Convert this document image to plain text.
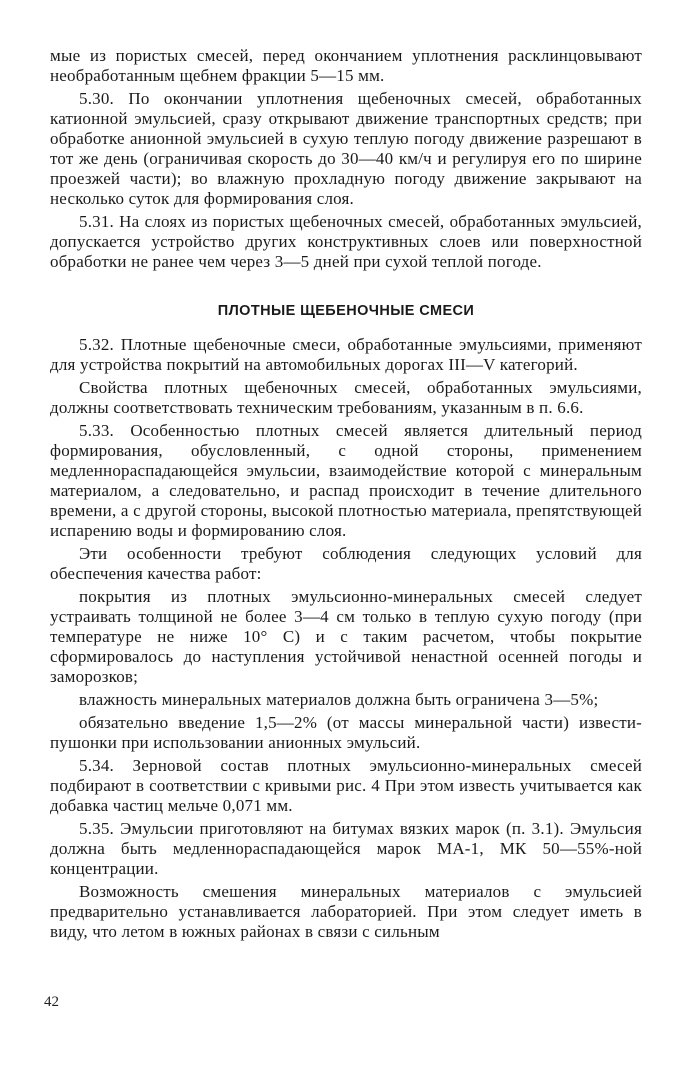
мые из пористых смесей, перед окончанием уплотнения расклинцовывают необработанным щебнем фракции 5—15 мм.

5.30. По окончании уплотнения щебеночных смесей, обработанных катионной эмульсией, сразу открывают движение транспортных средств; при обработке анионной эмульсией в сухую теплую погоду движение разрешают в тот же день (ограничивая скорость до 30—40 км/ч и регулируя его по ширине проезжей части); во влажную прохладную погоду движение закрывают на несколько суток для формирования слоя.

5.31. На слоях из пористых щебеночных смесей, обработанных эмульсией, допускается устройство других конструктивных слоев или поверхностной обработки не ранее чем через 3—5 дней при сухой теплой погоде.

ПЛОТНЫЕ ЩЕБЕНОЧНЫЕ СМЕСИ

5.32. Плотные щебеночные смеси, обработанные эмульсиями, применяют для устройства покрытий на автомобильных дорогах III—V категорий.

Свойства плотных щебеночных смесей, обработанных эмульсиями, должны соответствовать техническим требованиям, указанным в п. 6.6.

5.33. Особенностью плотных смесей является длительный период формирования, обусловленный, с одной стороны, применением медленнораспадающейся эмульсии, взаимодействие которой с минеральным материалом, а следовательно, и распад происходит в течение длительного времени, а с другой стороны, высокой плотностью материала, препятствующей испарению воды и формированию слоя.

Эти особенности требуют соблюдения следующих условий для обеспечения качества работ:

покрытия из плотных эмульсионно-минеральных смесей следует устраивать толщиной не более 3—4 см только в теплую сухую погоду (при температуре не ниже 10° С) и с таким расчетом, чтобы покрытие сформировалось до наступления устойчивой ненастной осенней погоды и заморозков;

влажность минеральных материалов должна быть ограничена 3—5%;

обязательно введение 1,5—2% (от массы минеральной части) извести-пушонки при использовании анионных эмульсий.

5.34. Зерновой состав плотных эмульсионно-минеральных смесей подбирают в соответствии с кривыми рис. 4 При этом известь учитывается как добавка частиц мельче 0,071 мм.

5.35. Эмульсии приготовляют на битумах вязких марок (п. 3.1). Эмульсия должна быть медленнораспадающейся марок МА-1, МК 50—55%-ной концентрации.

Возможность смешения минеральных материалов с эмульсией предварительно устанавливается лабораторией. При этом следует иметь в виду, что летом в южных районах в связи с сильным

42
